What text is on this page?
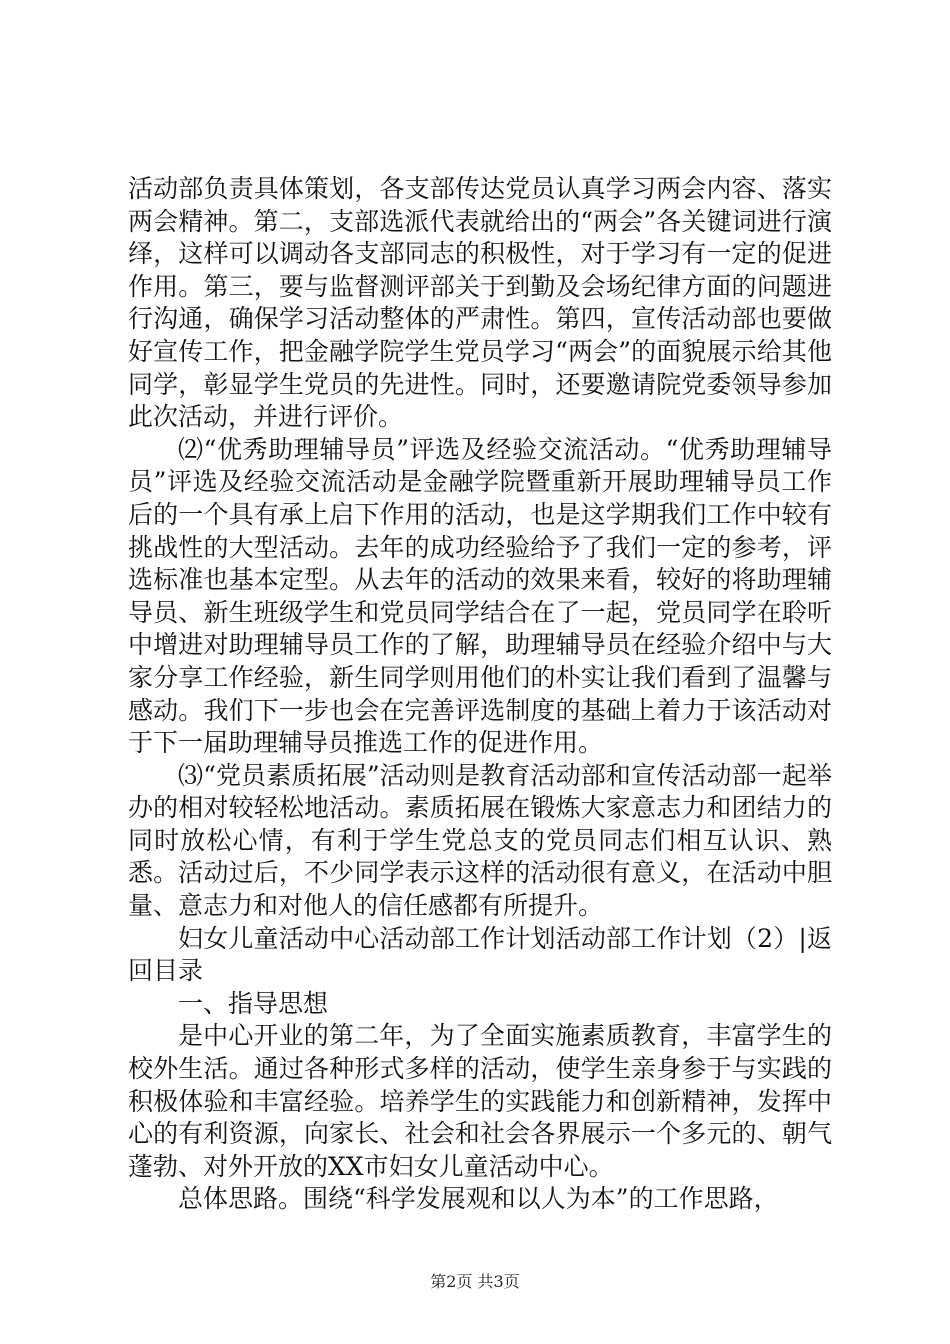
活动部负责具体策划，各支部传达党员认真学习两会内容、落实两会精神。第二，支部选派代表就给出的“两会”各关键词进行演绎，这样可以调动各支部同志的积极性，对于学习有一定的促进作用。第三，要与监督测评部关于到勤及会场纪律方面的问题进行沟通，确保学习活动整体的严肃性。第四，宣传活动部也要做好宣传工作，把金融学院学生党员学习“两会”的面貌展示给其他同学，彰显学生党员的先进性。同时，还要邀请院党委领导参加此次活动，并进行评价。

⑵“优秀助理辅导员”评选及经验交流活动。“优秀助理辅导员”评选及经验交流活动是金融学院暨重新开展助理辅导员工作后的一个具有承上启下作用的活动，也是这学期我们工作中较有挑战性的大型活动。去年的成功经验给予了我们一定的参考，评选标准也基本定型。从去年的活动的效果来看，较好的将助理辅导员、新生班级学生和党员同学结合在了一起，党员同学在聆听中增进对助理辅导员工作的了解，助理辅导员在经验介绍中与大家分享工作经验，新生同学则用他们的朴实让我们看到了温馨与感动。我们下一步也会在完善评选制度的基础上着力于该活动对于下一届助理辅导员推选工作的促进作用。

⑶“党员素质拓展”活动则是教育活动部和宣传活动部一起举办的相对较轻松地活动。素质拓展在锻炼大家意志力和团结力的同时放松心情，有利于学生党总支的党员同志们相互认识、熟悉。活动过后，不少同学表示这样的活动很有意义，在活动中胆量、意志力和对他人的信任感都有所提升。

妇女儿童活动中心活动部工作计划活动部工作计划（2）|返回目录

一、指导思想

是中心开业的第二年，为了全面实施素质教育，丰富学生的校外生活。通过各种形式多样的活动，使学生亲身参于与实践的积极体验和丰富经验。培养学生的实践能力和创新精神，发挥中心的有利资源，向家长、社会和社会各界展示一个多元的、朝气蓬勃、对外开放的XX市妇女儿童活动中心。

总体思路。围绕“科学发展观和以人为本”的工作思路，

第2页 共3页
